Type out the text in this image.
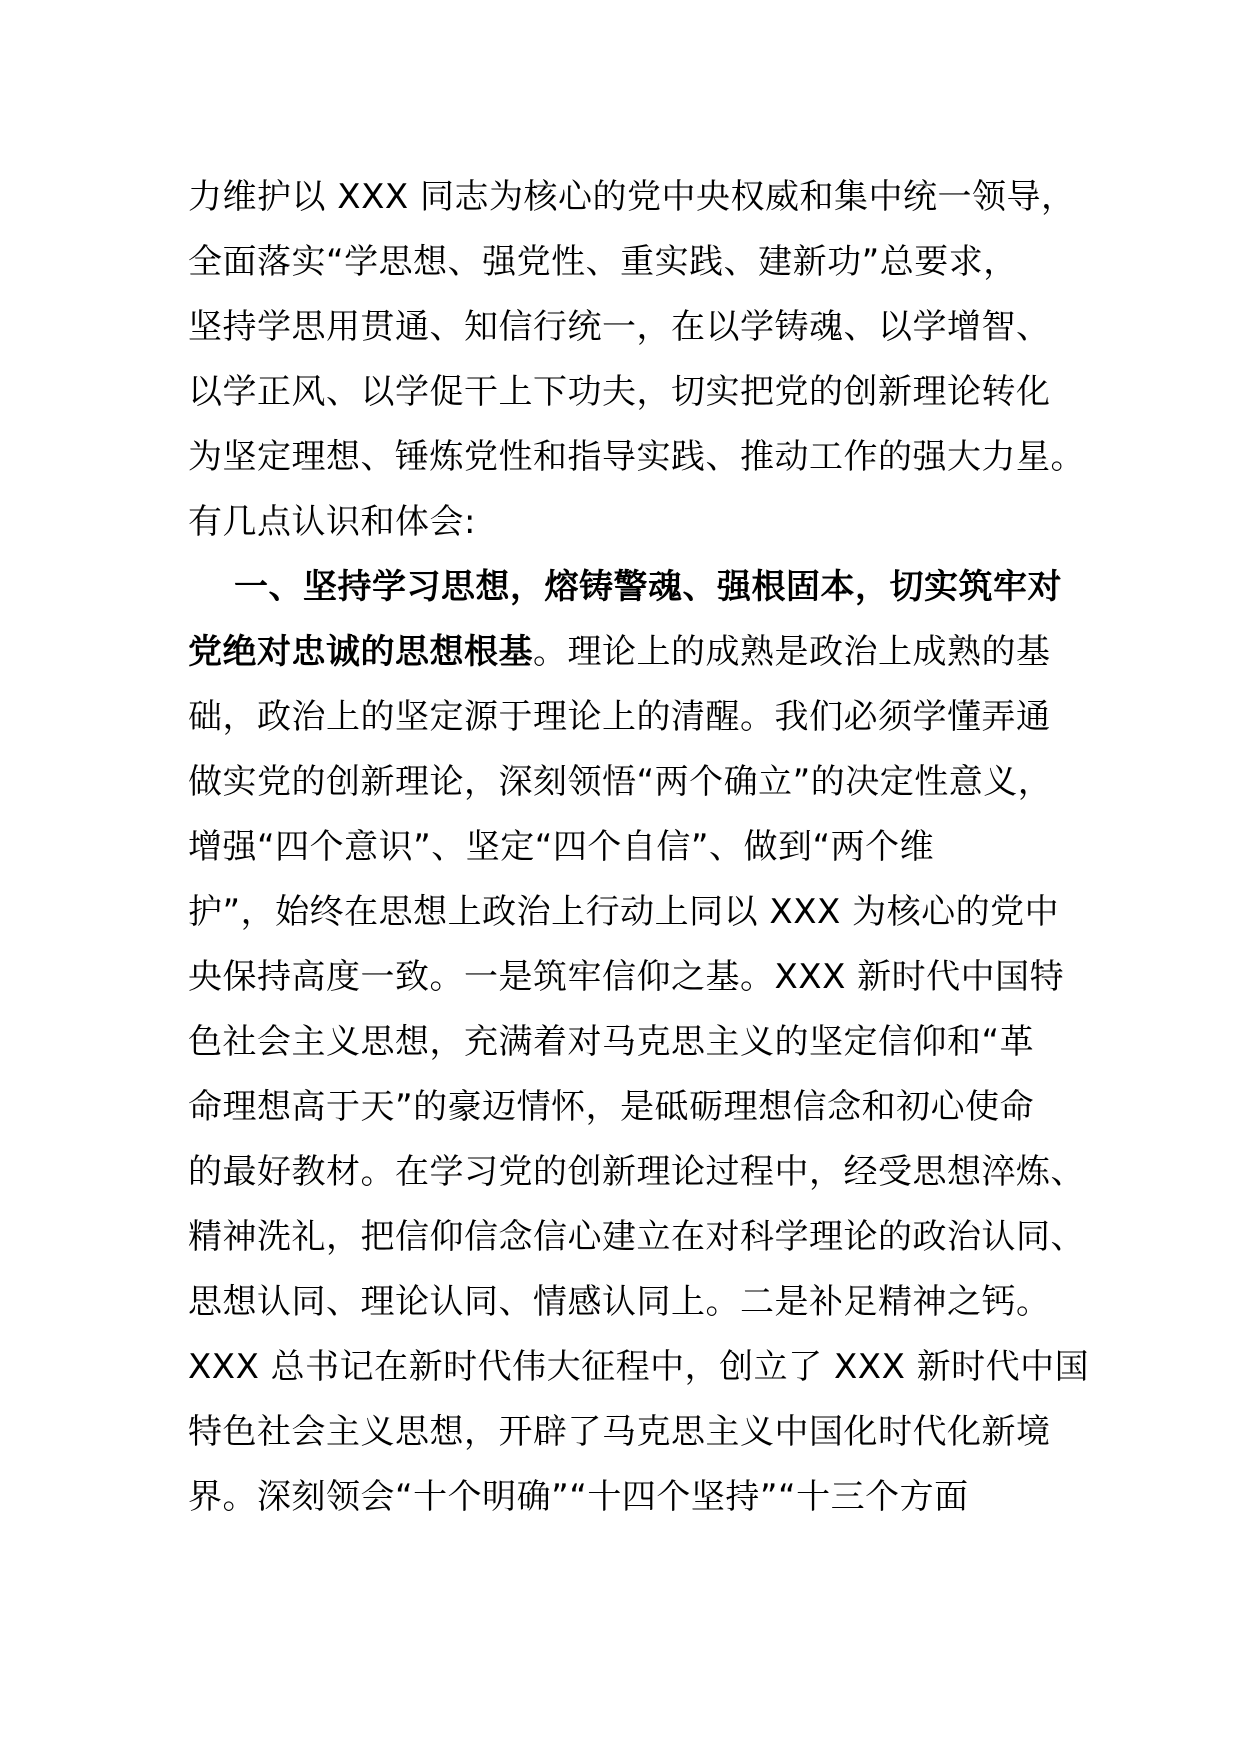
力维护以 XXX 同志为核心的党中央权威和集中统一领导，
全面落实“学思想、强党性、重实践、建新功”总要求，
坚持学思用贯通、知信行统一，在以学铸魂、以学增智、
以学正风、以学促干上下功夫，切实把党的创新理论转化
为坚定理想、锤炼党性和指导实践、推动工作的强大力星。
有几点认识和体会:
一、坚持学习思想，熔铸警魂、强根固本，切实筑牢对
党绝对忠诚的思想根基。理论上的成熟是政治上成熟的基
础，政治上的坚定源于理论上的清醒。我们必须学懂弄通
做实党的创新理论，深刻领悟“两个确立”的决定性意义，
增强“四个意识”、坚定“四个自信”、做到“两个维
护”，始终在思想上政治上行动上同以 XXX 为核心的党中
央保持高度一致。一是筑牢信仰之基。XXX 新时代中国特
色社会主义思想，充满着对马克思主义的坚定信仰和“革
命理想高于天”的豪迈情怀，是砥砺理想信念和初心使命
的最好教材。在学习党的创新理论过程中，经受思想淬炼、
精神洗礼，把信仰信念信心建立在对科学理论的政治认同、
思想认同、理论认同、情感认同上。二是补足精神之钙。
XXX 总书记在新时代伟大征程中，创立了 XXX 新时代中国
特色社会主义思想，开辟了马克思主义中国化时代化新境
界。深刻领会“十个明确”“十四个坚持”“十三个方面
